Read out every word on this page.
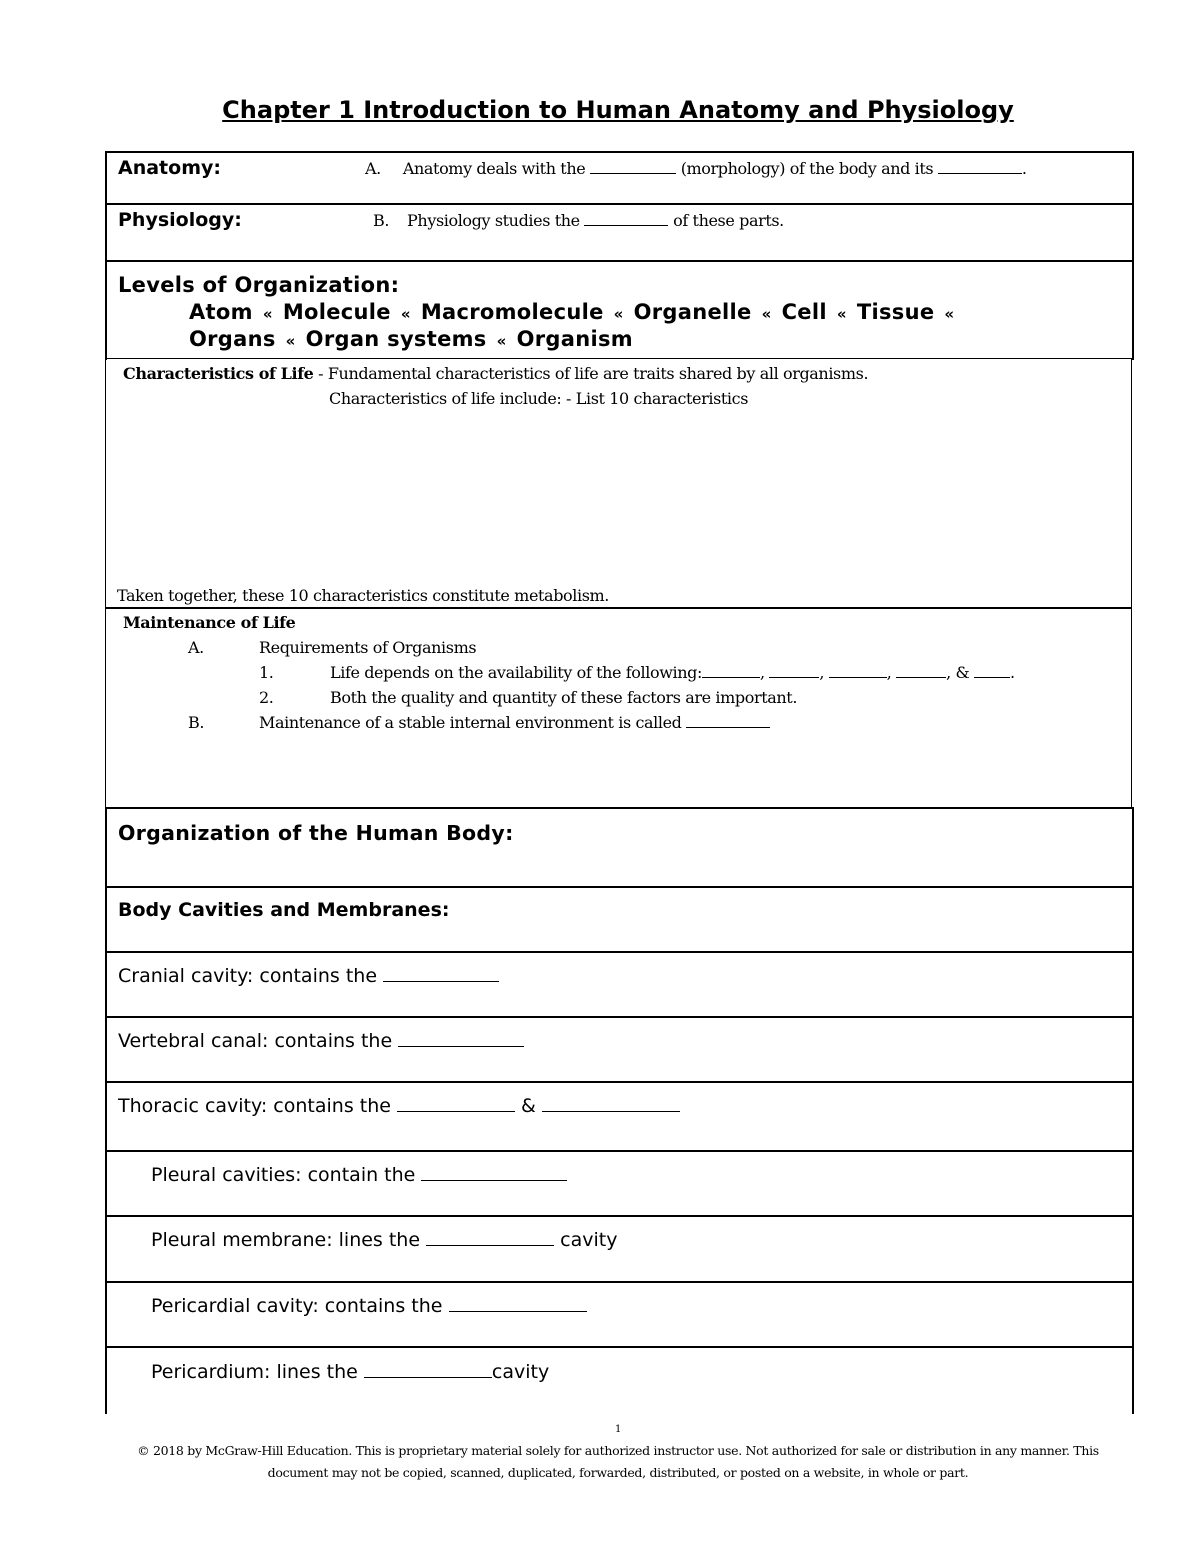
Chapter 1 Introduction to Human Anatomy and Physiology
Anatomy:	A. Anatomy deals with the	(morphology) of the body and its	.
Physiology:	B. Physiology studies the	of these parts.
Levels of Organization:
Atom « Molecule « Macromolecule « Organelle « Cell « Tissue «
Organs « Organ systems « Organism
Characteristics of Life - Fundamental characteristics of life are traits shared by all organisms.
Characteristics of life include: - List 10 characteristics
Taken together, these 10 characteristics constitute metabolism.
Maintenance of Life
A.	Requirements of Organisms
1.	Life depends on the availability of the following:	,	,	,	, &	.
2.	Both the quality and quantity of these factors are important.
B.	Maintenance of a stable internal environment is called
Organization of the Human Body:
Body Cavities and Membranes:
Cranial cavity: contains the
Vertebral canal: contains the
Thoracic cavity: contains the	&
Pleural cavities: contain the
Pleural membrane: lines the	cavity
Pericardial cavity: contains the
Pericardium: lines the	cavity
1
© 2018 by McGraw-Hill Education. This is proprietary material solely for authorized instructor use. Not authorized for sale or distribution in any manner. This
document may not be copied, scanned, duplicated, forwarded, distributed, or posted on a website, in whole or part.
